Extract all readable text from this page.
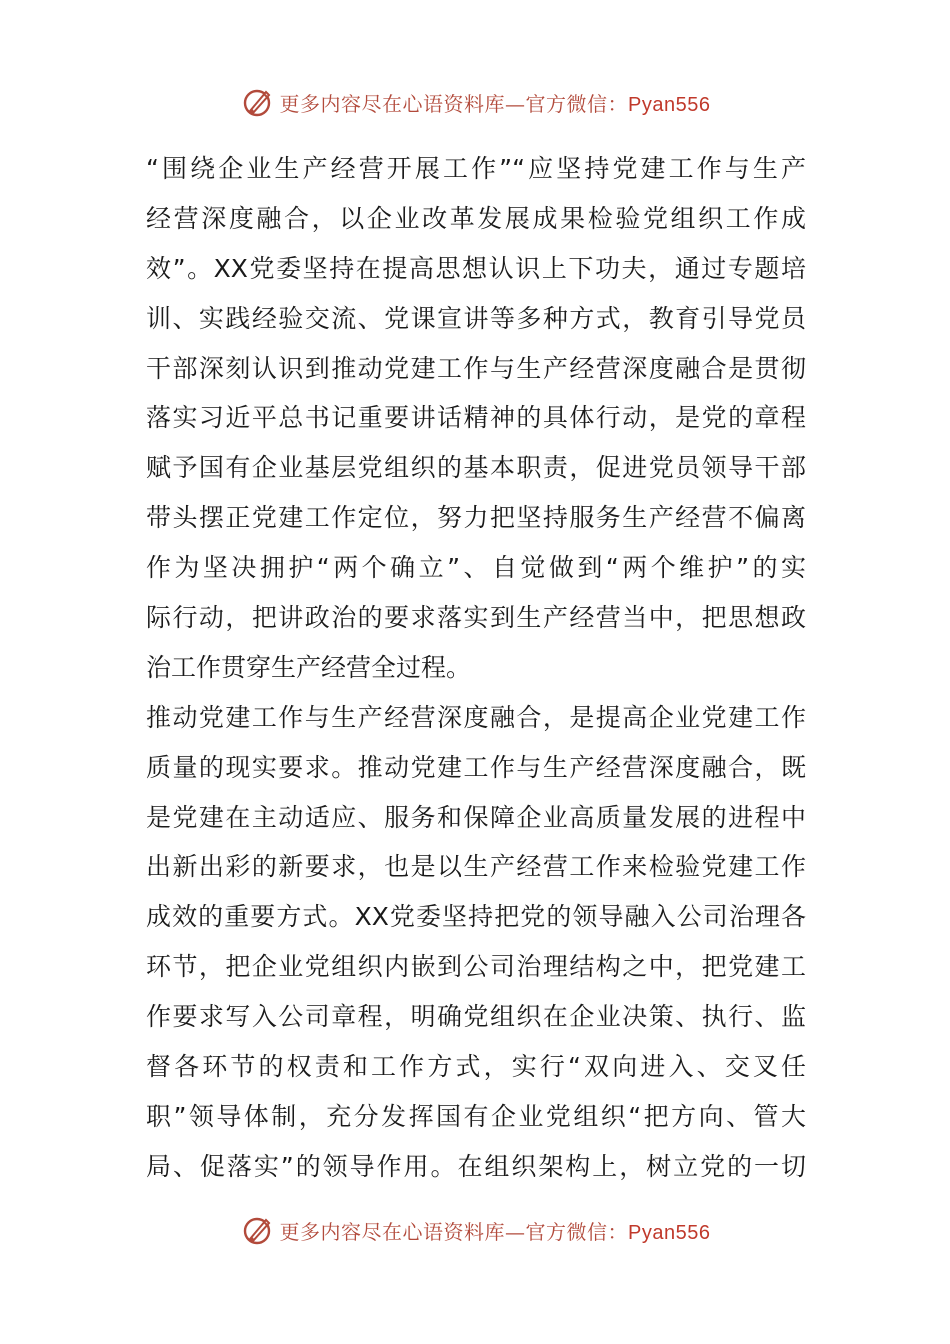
更多内容尽在心语资料库—官方微信：Pyan556
“围绕企业生产经营开展工作”“应坚持党建工作与生产
经营深度融合，以企业改革发展成果检验党组织工作成
效”。XX党委坚持在提高思想认识上下功夫，通过专题培
训、实践经验交流、党课宣讲等多种方式，教育引导党员
干部深刻认识到推动党建工作与生产经营深度融合是贯彻
落实习近平总书记重要讲话精神的具体行动，是党的章程
赋予国有企业基层党组织的基本职责，促进党员领导干部
带头摆正党建工作定位，努力把坚持服务生产经营不偏离
作为坚决拥护“两个确立”、自觉做到“两个维护”的实
际行动，把讲政治的要求落实到生产经营当中，把思想政
治工作贯穿生产经营全过程。
推动党建工作与生产经营深度融合，是提高企业党建工作
质量的现实要求。推动党建工作与生产经营深度融合，既
是党建在主动适应、服务和保障企业高质量发展的进程中
出新出彩的新要求，也是以生产经营工作来检验党建工作
成效的重要方式。XX党委坚持把党的领导融入公司治理各
环节，把企业党组织内嵌到公司治理结构之中，把党建工
作要求写入公司章程，明确党组织在企业决策、执行、监
督各环节的权责和工作方式，实行“双向进入、交叉任
职”领导体制，充分发挥国有企业党组织“把方向、管大
局、促落实”的领导作用。在组织架构上，树立党的一切
更多内容尽在心语资料库—官方微信：Pyan556
